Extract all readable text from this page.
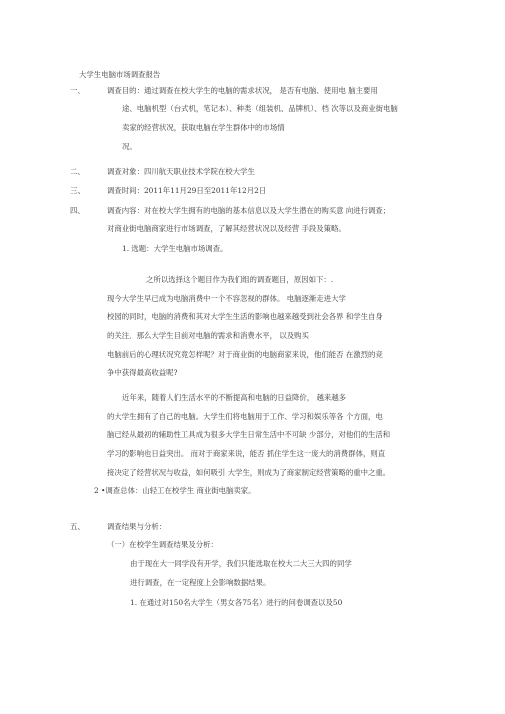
大学生电脑市场调查报告
一、	调查目的：通过调查在校大学生的电脑的需求状况， 是否有电脑、使用电 脑主要用
途、电脑机型（台式机，笔记本）、种类（组装机、品牌机）、档 次等以及商业街电脑
卖家的经营状况，获取电脑在学生群体中的市场情
况。
二、	调查对象：四川航天职业技术学院在校大学生
三、	调查时间：2011年11月29日至2011年12月2日
四、	调查内容：对在校大学生拥有的电脑的基本信息以及大学生潜在的购买意 向进行调查；
对商业街电脑商家进行市场调查，了解其经营状况以及经营 手段及策略。
1. 选题：大学生电脑市场调查。
之所以选择这个题目作为我们组的调查题目，原因如下：.
现今大学生早已成为电脑消费中一个不容忽视的群体。 电脑逐渐走进大学
校园的同时，电脑的消费和其对大学生生活的影响也越来越受到社会各界 和学生自身
的关注．那么大学生目前对电脑的需求和消费水平， 以及购买
电脑前后的心理状况究竟怎样呢？对于商业街的电脑商家来说，他们能否 在激烈的竞
争中获得最高收益呢?
近年来，随着人们生活水平的不断提高和电脑的日益降价， 越来越多
的大学生拥有了自己的电脑。大学生们将电脑用于工作、学习和娱乐等各 个方面，电
脑已经从最初的辅助性工具成为很多大学生日常生活中不可缺 少部分，对他们的生活和
学习的影响也日益突出。 而对于商家来说，能否 抓住学生这一庞大的消费群体，则直
接决定了经营状况与收益，如何吸引 大学生，则成为了商家制定经营策略的重中之重。
2 •调查总体：山轻工在校学生 商业街电脑卖家。
五、	调查结果与分析：
（一）在校学生调查结果及分析：
由于现在大一同学没有开学，我们只能选取在校大二大三大四的同学
进行调查，在一定程度上会影响数据结果。
1. 在通过对150名大学生（男女各75名）进行的问卷调查以及50
